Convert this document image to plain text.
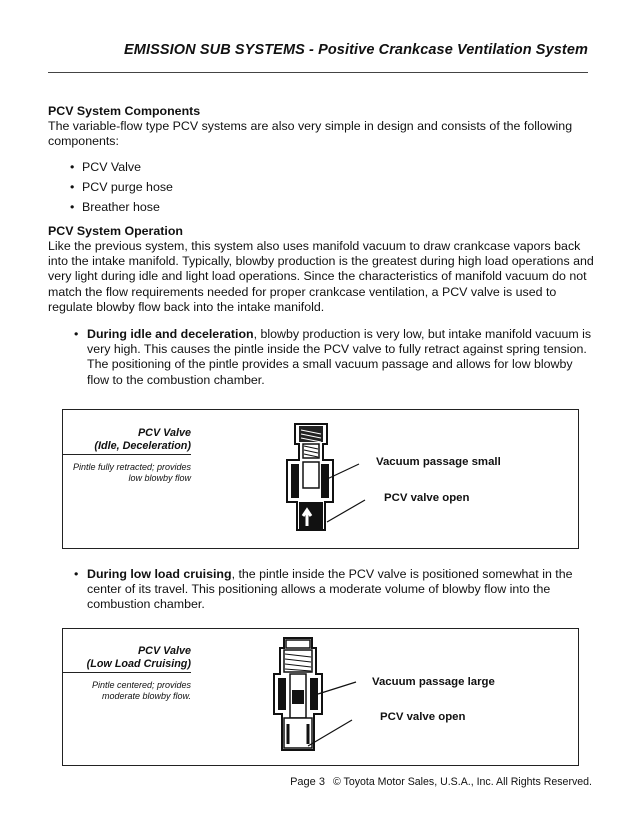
EMISSION SUB SYSTEMS - Positive Crankcase Ventilation System
PCV System Components

The variable-flow type PCV systems are also very simple in design and consists of the following components:

• PCV Valve
• PCV purge hose
• Breather hose
PCV System Operation

Like the previous system, this system also uses manifold vacuum to draw crankcase vapors back into the intake manifold. Typically, blowby production is the greatest during high load operations and very light during idle and light load operations. Since the characteristics of manifold vacuum do not match the flow requirements needed for proper crankcase ventilation, a PCV valve is used to regulate blowby flow back into the intake manifold.

• During idle and deceleration, blowby production is very low, but intake manifold vacuum is very high. This causes the pintle inside the PCV valve to fully retract against spring tension. The positioning of the pintle provides a small vacuum passage and allows for low blowby flow to the combustion chamber.
PCV Valve
(Idle, Deceleration)
Pintle fully retracted; provides low blowby flow
Vacuum passage small
PCV valve open
• During low load cruising, the pintle inside the PCV valve is positioned somewhat in the center of its travel. This positioning allows a moderate volume of blowby flow into the combustion chamber.
PCV Valve
(Low Load Cruising)
Pintle centered; provides moderate blowby flow.
Vacuum passage large
PCV valve open
Page 3 © Toyota Motor Sales, U.S.A., Inc. All Rights Reserved.
